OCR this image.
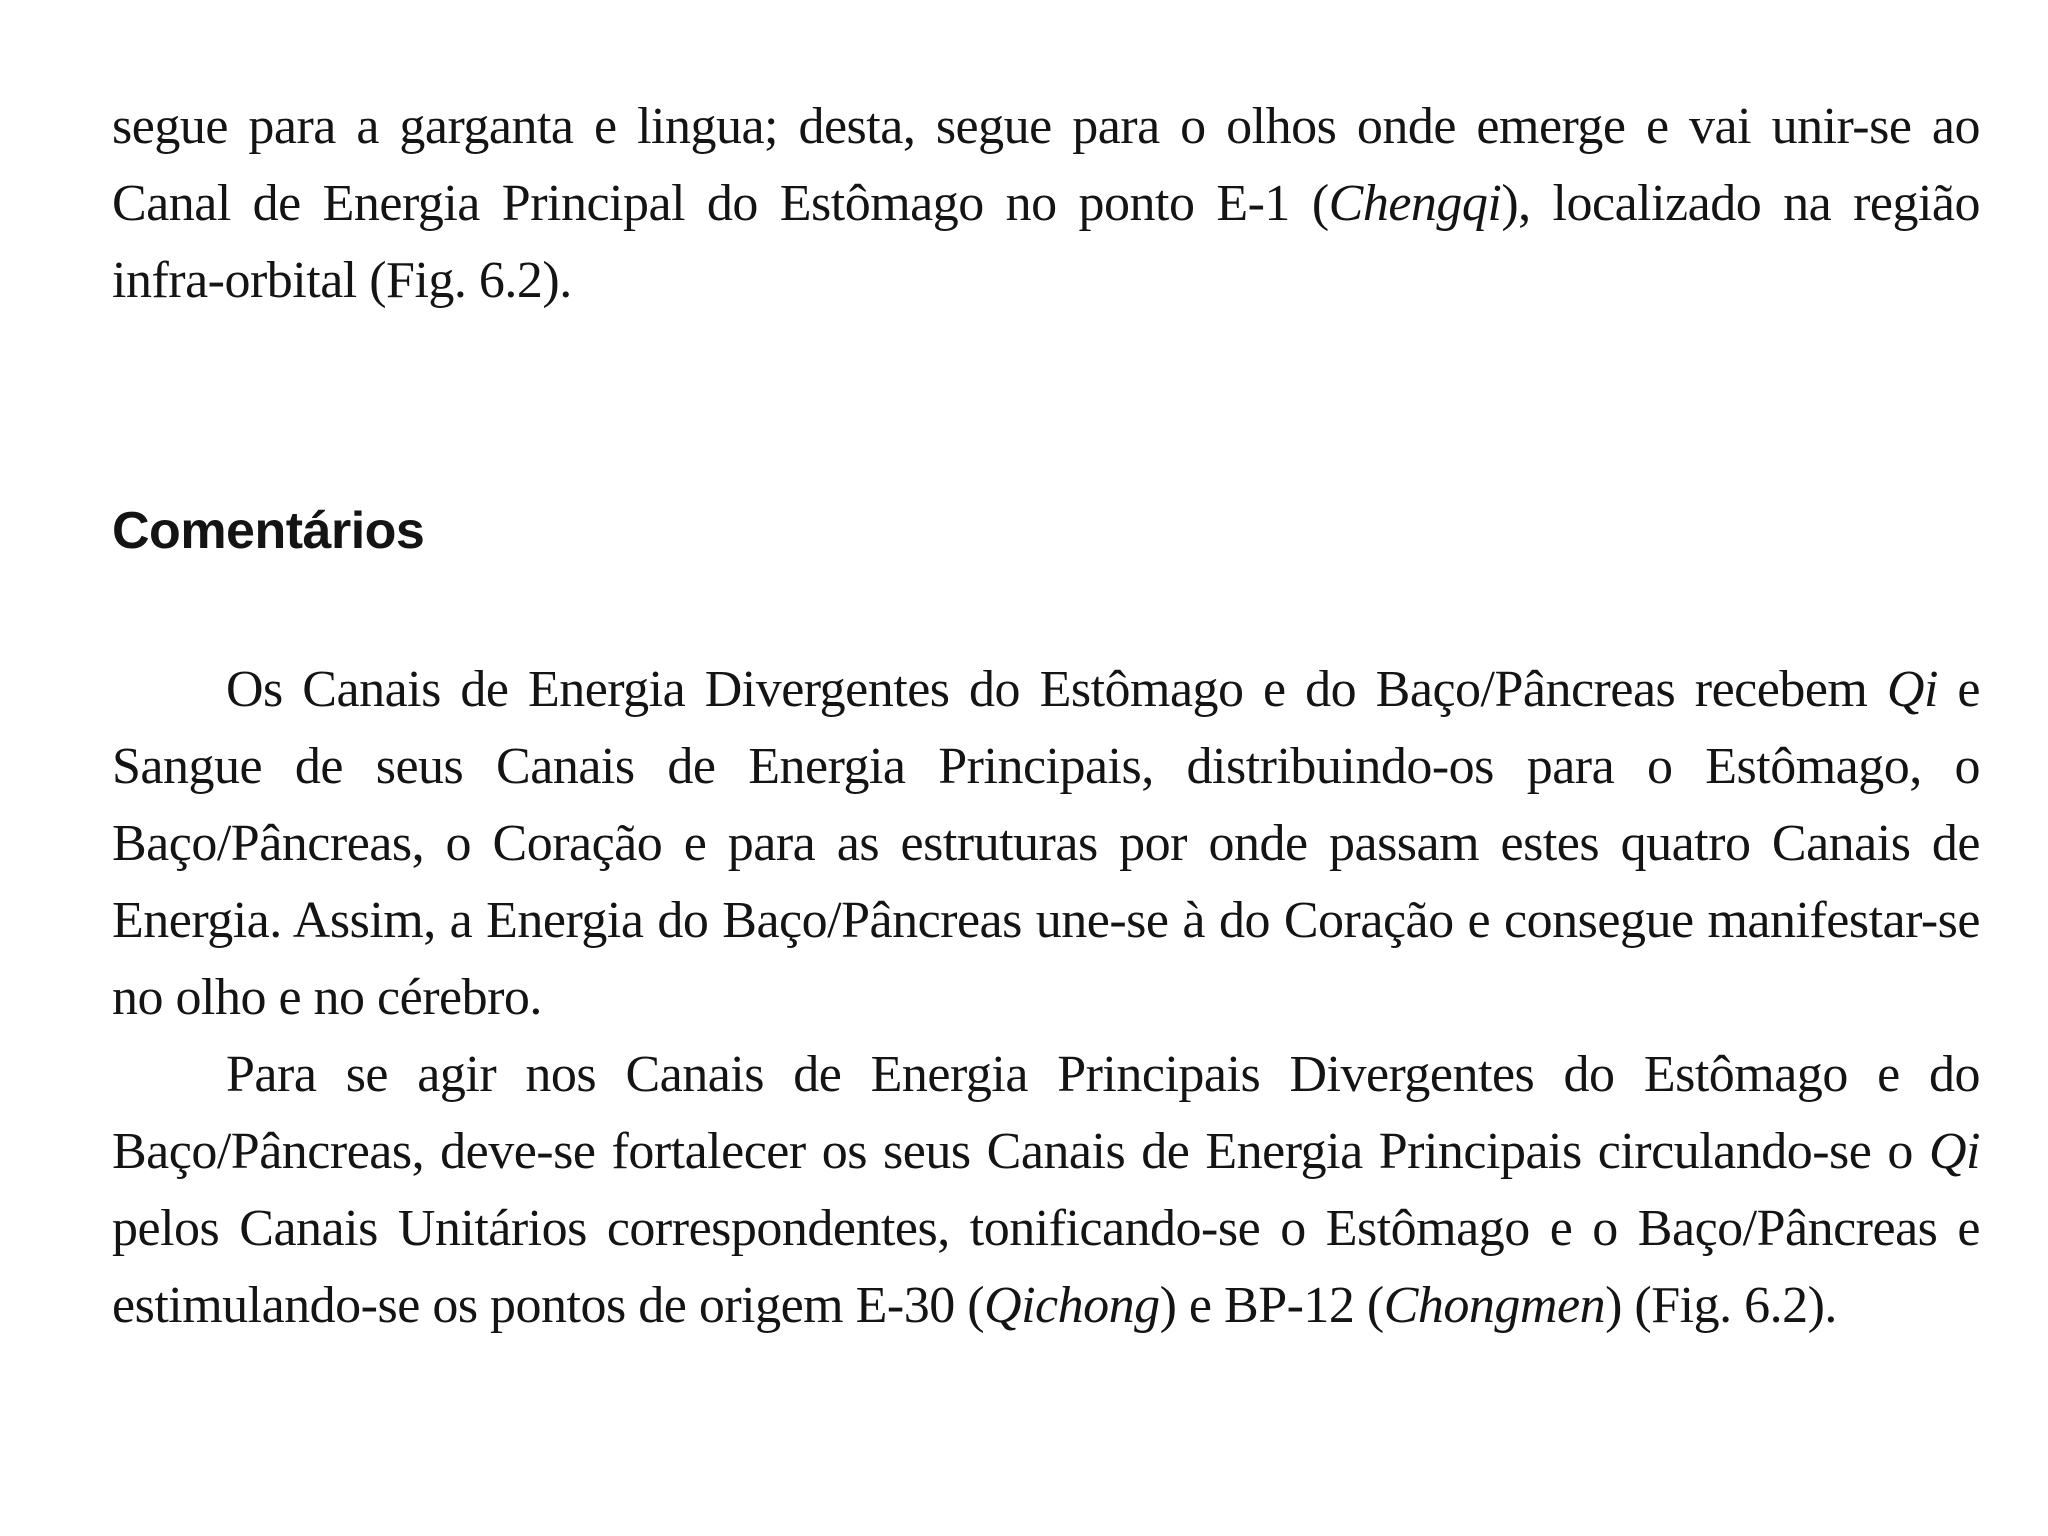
segue para a garganta e lingua; desta, segue para o olhos onde emerge e vai unir-se ao Canal de Energia Principal do Estômago no ponto E-1 (Chengqi), localizado na região infra-orbital (Fig. 6.2).

Comentários

Os Canais de Energia Divergentes do Estômago e do Baço/Pâncreas recebem Qi e Sangue de seus Canais de Energia Principais, distribuindo-os para o Estômago, o Baço/Pâncreas, o Coração e para as estruturas por onde passam estes quatro Canais de Energia. Assim, a Energia do Baço/Pâncreas une-se à do Coração e consegue manifestar-se no olho e no cérebro.

Para se agir nos Canais de Energia Principais Divergentes do Estômago e do Baço/Pâncreas, deve-se fortalecer os seus Canais de Energia Principais circulando-se o Qi pelos Canais Unitários correspondentes, tonificando-se o Estômago e o Baço/Pâncreas e estimulando-se os pontos de origem E-30 (Qichong) e BP-12 (Chongmen) (Fig. 6.2).
